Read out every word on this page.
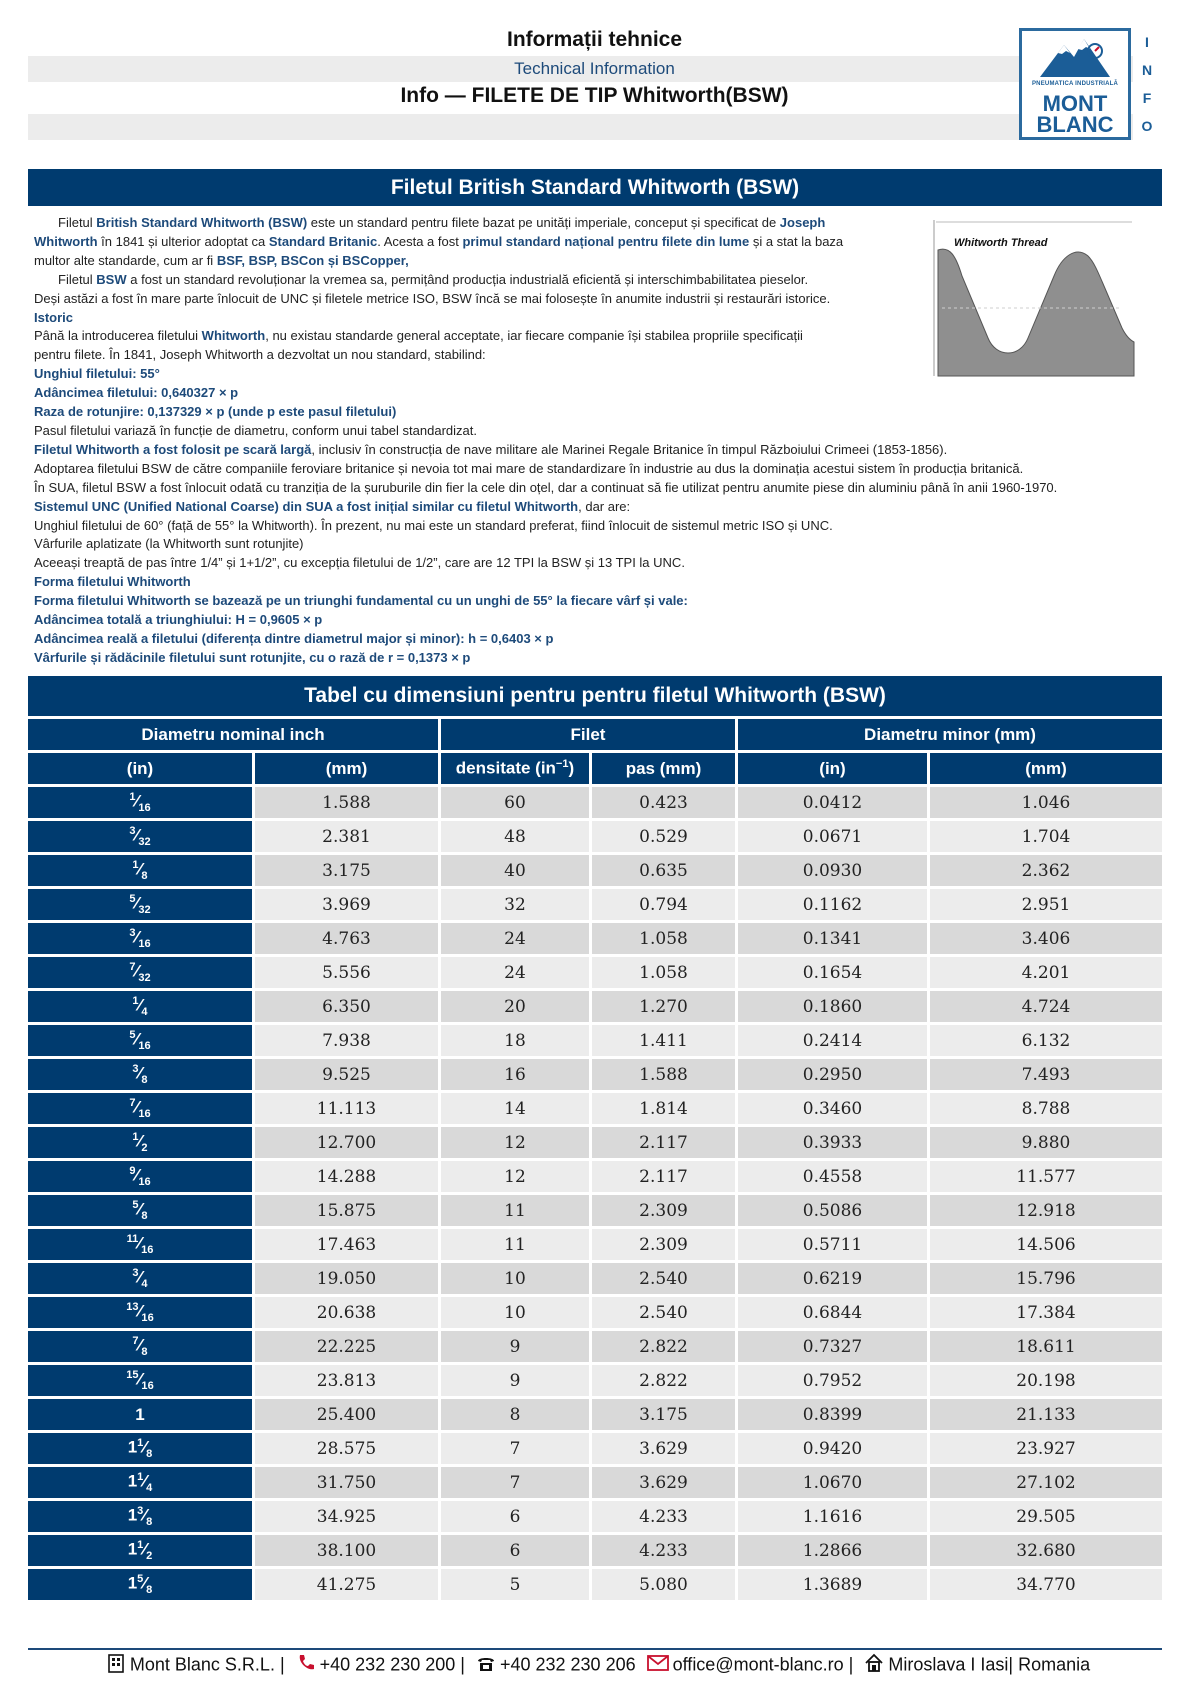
Informații tehnice
Technical Information
Info — FILETE DE TIP Whitworth(BSW)	PNEUMATICA INDUSTRIALĂ
MONT
BLANC
I
N
F
O
Filetul British Standard Whitworth (BSW)

Filetul British Standard Whitworth (BSW) este un standard pentru filete bazat pe unități imperiale, conceput și specificat de Joseph

Whitworth în 1841 și ulterior adoptat ca Standard Britanic. Acesta a fost primul standard național pentru filete din lume și a stat la baza

multor alte standarde, cum ar fi BSF, BSP, BSCon și BSCopper,

Filetul BSW a fost un standard revoluționar la vremea sa, permițând producția industrială eficientă și interschimbabilitatea pieselor.

Deși astăzi a fost în mare parte înlocuit de UNC și filetele metrice ISO, BSW încă se mai folosește în anumite industrii și restaurări istorice.

Istoric

Până la introducerea filetului Whitworth, nu existau standarde general acceptate, iar fiecare companie își stabilea propriile specificații

pentru filete. În 1841, Joseph Whitworth a dezvoltat un nou standard, stabilind:

Unghiul filetului: 55°

Adâncimea filetului: 0,640327 × p

Raza de rotunjire: 0,137329 × p (unde p este pasul filetului)

Pasul filetului variază în funcție de diametru, conform unui tabel standardizat.

Filetul Whitworth a fost folosit pe scară largă, inclusiv în construcția de nave militare ale Marinei Regale Britanice în timpul Războiului Crimeei (1853-1856).

Adoptarea filetului BSW de către companiile feroviare britanice și nevoia tot mai mare de standardizare în industrie au dus la dominația acestui sistem în producția britanică.

În SUA, filetul BSW a fost înlocuit odată cu tranziția de la șuruburile din fier la cele din oțel, dar a continuat să fie utilizat pentru anumite piese din aluminiu până în anii 1960-1970.

Sistemul UNC (Unified National Coarse) din SUA a fost inițial similar cu filetul Whitworth, dar are:

Unghiul filetului de 60° (față de 55° la Whitworth). În prezent, nu mai este un standard preferat, fiind înlocuit de sistemul metric ISO și UNC.

Vârfurile aplatizate (la Whitworth sunt rotunjite)

Aceeași treaptă de pas între 1/4” și 1+1/2”, cu excepția filetului de 1/2”, care are 12 TPI la BSW și 13 TPI la UNC.

Forma filetului Whitworth

Forma filetului Whitworth se bazează pe un triunghi fundamental cu un unghi de 55° la fiecare vârf și vale:

Adâncimea totală a triunghiului: H = 0,9605 × p

Adâncimea reală a filetului (diferența dintre diametrul major și minor): h = 0,6403 × p

Vârfurile și rădăcinile filetului sunt rotunjite, cu o rază de r = 0,1373 × p

Whitworth Thread
Tabel cu dimensiuni pentru pentru filetul Whitworth (BSW)					
Diametru nominal inch		Filet		Diametru minor (mm)	
(in)	(mm)	densitate $(in^{-1})$	pas (mm)	(in)	(mm)
$^1⁄_{16}$	1.588	60	0.423	0.0412	1.046
$^3⁄_{32}$	2.381	48	0.529	0.0671	1.704
$^1⁄_8$	3.175	40	0.635	0.0930	2.362
$^5⁄_{32}$	3.969	32	0.794	0.1162	2.951
$^3⁄_{16}$	4.763	24	1.058	0.1341	3.406
$^7⁄_{32}$	5.556	24	1.058	0.1654	4.201
$^1⁄_4$	6.350	20	1.270	0.1860	4.724
$^5⁄_{16}$	7.938	18	1.411	0.2414	6.132
$^3⁄_8$	9.525	16	1.588	0.2950	7.493
$^7⁄_{16}$	11.113	14	1.814	0.3460	8.788
$^1⁄_2$	12.700	12	2.117	0.3933	9.880
$^9⁄_{16}$	14.288	12	2.117	0.4558	11.577
$^5⁄_8$	15.875	11	2.309	0.5086	12.918
$^{11}⁄_{16}$	17.463	11	2.309	0.5711	14.506
$^3⁄_4$	19.050	10	2.540	0.6219	15.796
$^{13}⁄_{16}$	20.638	10	2.540	0.6844	17.384
$^7⁄_8$	22.225	9	2.822	0.7327	18.611
$^{15}⁄_{16}$	23.813	9	2.822	0.7952	20.198
1	25.400	8	3.175	0.8399	21.133
$1^1⁄_8$	28.575	7	3.629	0.9420	23.927
$1^1⁄_4$	31.750	7	3.629	1.0670	27.102
$1^3⁄_8$	34.925	6	4.233	1.1616	29.505
$1^1⁄_2$	38.100	6	4.233	1.2866	32.680
$1^5⁄_8$	41.275	5	5.080	1.3689	34.770
Mont Blanc S.R.L. | +40 232 230 200 | +40 232 230 206 office@mont-blanc.ro | Miroslava I Iasi| Romania
